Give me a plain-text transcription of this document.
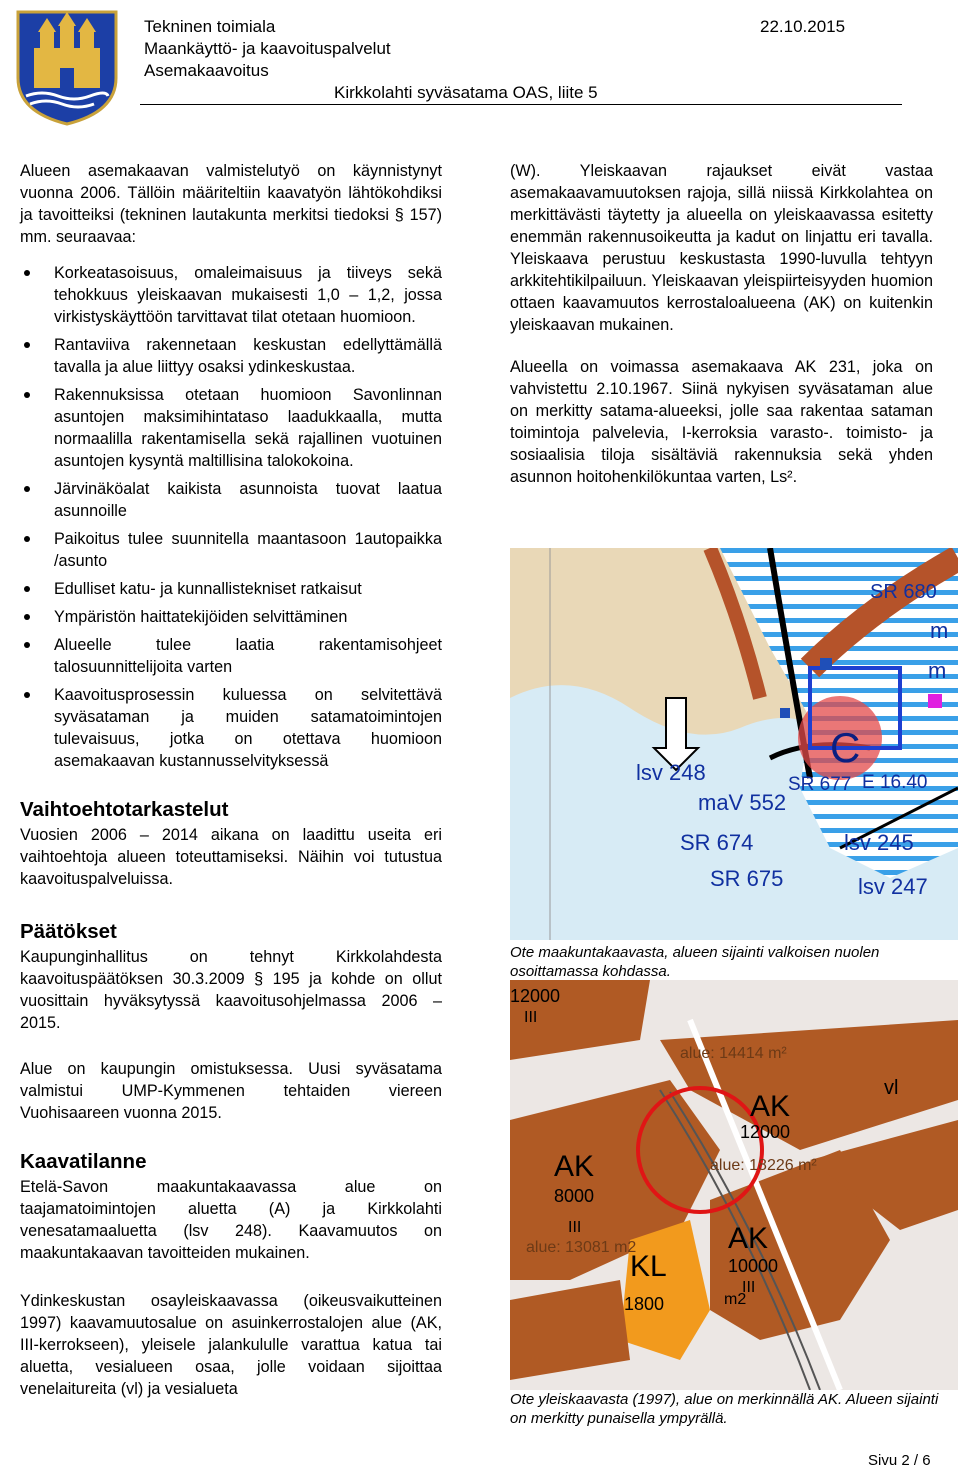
Tekninen toimiala
Maankäyttö- ja kaavoituspalvelut
Asemakaavoitus
22.10.2015
Kirkkolahti syväsatama OAS, liite 5

Alueen asemakaavan valmistelutyö on käynnistynyt vuonna 2006. Tällöin määriteltiin kaavatyön lähtökohdiksi ja tavoitteiksi (tekninen lautakunta merkitsi tiedoksi § 157) mm. seuraavaa:

Korkeatasoisuus, omaleimaisuus ja tiiveys sekä tehokkuus yleiskaavan mukaisesti 1,0 – 1,2, jossa virkistyskäyttöön tarvittavat tilat otetaan huomioon.
Rantaviiva rakennetaan keskustan edellyttämällä tavalla ja alue liittyy osaksi ydinkeskustaa.
Rakennuksissa otetaan huomioon Savonlinnan asuntojen maksimihintataso laadukkaalla, mutta normaalilla rakentamisella sekä rajallinen vuotuinen asuntojen kysyntä maltillisina talokokoina.
Järvinäköalat kaikista asunnoista tuovat laatua asunnoille
Paikoitus tulee suunnitella maantasoon 1autopaikka /asunto
Edulliset katu- ja kunnallistekniset ratkaisut
Ympäristön haittatekijöiden selvittäminen
Alueelle tulee laatia rakentamisohjeet talosuunnittelijoita varten
Kaavoitusprosessin kuluessa on selvitettävä syväsataman ja muiden satamatoimintojen tulevaisuus, jotka on otettava huomioon asemakaavan kustannusselvityksessä
Vaihtoehtotarkastelut

Vuosien 2006 – 2014 aikana on laadittu useita eri vaihtoehtoja alueen toteuttamiseksi. Näihin voi tutustua kaavoituspalveluissa.

Päätökset

Kaupunginhallitus on tehnyt Kirkkolahdesta kaavoituspäätöksen 30.3.2009 § 195 ja kohde on ollut vuosittain hyväksytyssä kaavoitusohjelmassa 2006 – 2015.

Alue on kaupungin omistuksessa. Uusi syväsatama valmistui UMP-Kymmenen tehtaiden viereen Vuohisaareen vuonna 2015.

Kaavatilanne

Etelä-Savon maakuntakaavassa alue on taajamatoimintojen aluetta (A) ja Kirkkolahti venesatamaaluetta (lsv 248). Kaavamuutos on maakuntakaavan tavoitteiden mukainen.

Ydinkeskustan osayleiskaavassa (oikeusvaikutteinen 1997) kaavamuutosalue on asuinkerrostalojen alue (AK, III-kerrokseen), yleisele jalankululle varattua katua tai aluetta, vesialueen osaa, jolle voidaan sijoittaa venelaitureita (vl) ja vesialueta

(W). Yleiskaavan rajaukset eivät vastaa asemakaavamuutoksen rajoja, sillä niissä Kirkkolahtea on merkittävästi täytetty ja alueella on yleiskaavassa esitetty enemmän rakennusoikeutta ja kadut on linjattu eri tavalla. Yleiskaava perustuu keskustasta 1990-luvulla tehtyyn arkkitehtikilpailuun. Yleiskaavan yleispiirteisyyden huomion ottaen kaavamuutos kerrostaloalueena (AK) on kuitenkin yleiskaavan mukainen.

Alueella on voimassa asemakaava AK 231, joka on vahvistettu 2.10.1967. Siinä nykyisen syväsataman alue on merkitty satama-alueeksi, jolle saa rakentaa sataman toimintoja palvelevia, I-kerroksia varasto-. toimisto- ja sosiaalisia tiloja sisältäviä rakennuksia sekä yhden asunnon hoitohenkilökuntaa varten, Ls².

SR 680
m
m
lsv 248	SR 677 E 16.40
maV 552
SR 674	lsv 245
SR 675	lsv 247
C
Ote maakuntakaavasta, alueen sijainti valkoisen nuolen osoittamassa kohdassa.
12000
III
alue: 14414 m²
AK
12000
alue: 18226 m²
AK
8000
III
alue: 13081 m2	AK
10000
III
m2
KL
1800
vl
Ote yleiskaavasta (1997), alue on merkinnällä AK. Alueen sijainti on merkitty punaisella ympyrällä.
Sivu 2 / 6
